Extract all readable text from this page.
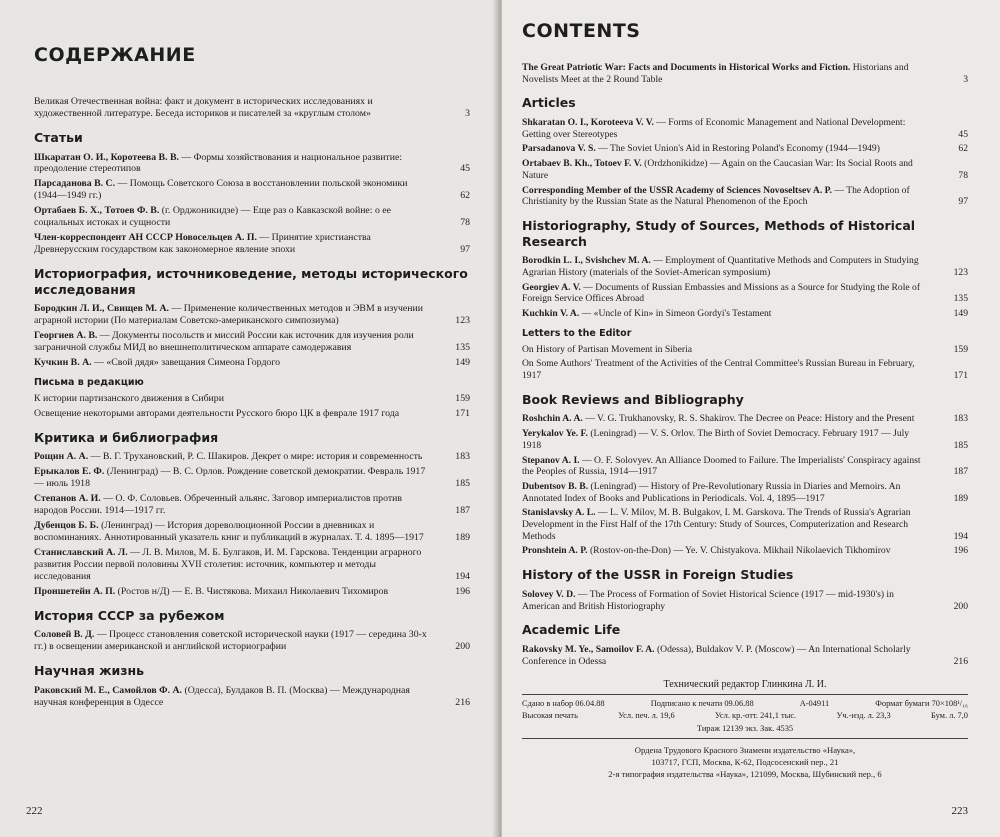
СОДЕРЖАНИЕ
Великая Отечественная война: факт и документ в исторических исследованиях и художественной литературе. Беседа историков и писателей за «круглым столом»	3
Статьи
Шкаратан О. И., Коротеева В. В. — Формы хозяйствования и национальное развитие: преодоление стереотипов	45
Парсаданова В. С. — Помощь Советского Союза в восстановлении польской экономики (1944—1949 гг.)	62
Ортабаев Б. Х., Тотоев Ф. В. (г. Орджоникидзе) — Еще раз о Кавказской войне: о ее социальных истоках и сущности	78
Член-корреспондент АН СССР Новосельцев А. П. — Принятие христианства Древнерусским государством как закономерное явление эпохи	97
Историография, источниковедение, методы исторического исследования
Бородкин Л. И., Свищев М. А. — Применение количественных методов и ЭВМ в изучении аграрной истории (По материалам Советско-американского симпозиума)	123
Георгиев А. В. — Документы посольств и миссий России как источник для изучения роли заграничной службы МИД во внешнеполитическом аппарате самодержавия	135
Кучкин В. А. — «Свой дядя» завещания Симеона Гордого	149
Письма в редакцию
К истории партизанского движения в Сибири	159
Освещение некоторыми авторами деятельности Русского бюро ЦК в феврале 1917 года	171
Критика и библиография
Рощин А. А. — В. Г. Трухановский, Р. С. Шакиров. Декрет о мире: история и современность	183
Ерыкалов Е. Ф. (Ленинград) — В. С. Орлов. Рождение советской демократии. Февраль 1917 — июль 1918	185
Степанов А. И. — О. Ф. Соловьев. Обреченный альянс. Заговор империалистов против народов России. 1914—1917 гг.	187
Дубенцов Б. Б. (Ленинград) — История дореволюционной России в дневниках и воспоминаниях. Аннотированный указатель книг и публикаций в журналах. Т. 4. 1895—1917	189
Станиславский А. Л. — Л. В. Милов, М. Б. Булгаков, И. М. Гарскова. Тенденции аграрного развития России первой половины XVII столетия: источник, компьютер и методы исследования	194
Проншетейн А. П. (Ростов н/Д) — Е. В. Чистякова. Михаил Николаевич Тихомиров	196
История СССР за рубежом
Соловей В. Д. — Процесс становления советской исторической науки (1917 — середина 30-х гг.) в освещении американской и английской историографии	200
Научная жизнь
Раковский М. Е., Самойлов Ф. А. (Одесса), Булдаков В. П. (Москва) — Международная научная конференция в Одессе	216
222
CONTENTS
The Great Patriotic War: Facts and Documents in Historical Works and Fiction. Historians and Novelists Meet at the 2 Round Table	3
Articles
Shkaratan O. I., Koroteeva V. V. — Forms of Economic Management and National Development: Getting over Stereotypes	45
Parsadanova V. S. — The Soviet Union's Aid in Restoring Poland's Economy (1944—1949)	62
Ortabaev B. Kh., Totoev F. V. (Ordzhonikidze) — Again on the Caucasian War: Its Social Roots and Nature	78
Corresponding Member of the USSR Academy of Sciences Novoseltsev A. P. — The Adoption of Christianity by the Russian State as the Natural Phenomenon of the Epoch	97
Historiography, Study of Sources, Methods of Historical Research
Borodkin L. I., Svishchev M. A. — Employment of Quantitative Methods and Computers in Studying Agrarian History (materials of the Soviet-American symposium)	123
Georgiev A. V. — Documents of Russian Embassies and Missions as a Source for Studying the Role of Foreign Service Offices Abroad	135
Kuchkin V. A. — «Uncle of Kin» in Simeon Gordyi's Testament	149
Letters to the Editor
On History of Partisan Movement in Siberia	159
On Some Authors' Treatment of the Activities of the Central Committee's Russian Bureau in February, 1917	171
Book Reviews and Bibliography
Roshchin A. A. — V. G. Trukhanovsky, R. S. Shakirov. The Decree on Peace: History and the Present	183
Yerykalov Ye. F. (Leningrad) — V. S. Orlov. The Birth of Soviet Democracy. February 1917 — July 1918	185
Stepanov A. I. — O. F. Solovyev. An Alliance Doomed to Failure. The Imperialists' Conspiracy against the Peoples of Russia, 1914—1917	187
Dubentsov B. B. (Leningrad) — History of Pre-Revolutionary Russia in Diaries and Memoirs. An Annotated Index of Books and Publications in Periodicals. Vol. 4, 1895—1917	189
Stanislavsky A. L. — L. V. Milov, M. B. Bulgakov, I. M. Garskova. The Trends of Russia's Agrarian Development in the First Half of the 17th Century: Study of Sources, Computerization and Research Methods	194
Pronshtein A. P. (Rostov-on-the-Don) — Ye. V. Chistyakova. Mikhail Nikolaevich Tikhomirov	196
History of the USSR in Foreign Studies
Solovey V. D. — The Process of Formation of Soviet Historical Science (1917 — mid-1930's) in American and British Historiography	200
Academic Life
Rakovsky M. Ye., Samoilov F. A. (Odessa), Buldakov V. P. (Moscow) — An International Scholarly Conference in Odessa	216
Технический редактор Глинкина Л. И.
Сдано в набор 06.04.88	Подписано к печати 09.06.88	А-04911	Формат бумаги 70×108¹/₁₆
Высокая печать	Усл. печ. л. 19,6	Усл. кр.-отт. 241,1 тыс.	Уч.-изд. л. 23,3	Бум. л. 7,0
Тираж 12139 экз. Зак. 4535
Ордена Трудового Красного Знамени издательство «Наука»,
103717, ГСП, Москва, К-62, Подсосенский пер., 21
2-я типография издательства «Наука», 121099, Москва, Шубинский пер., 6
223
